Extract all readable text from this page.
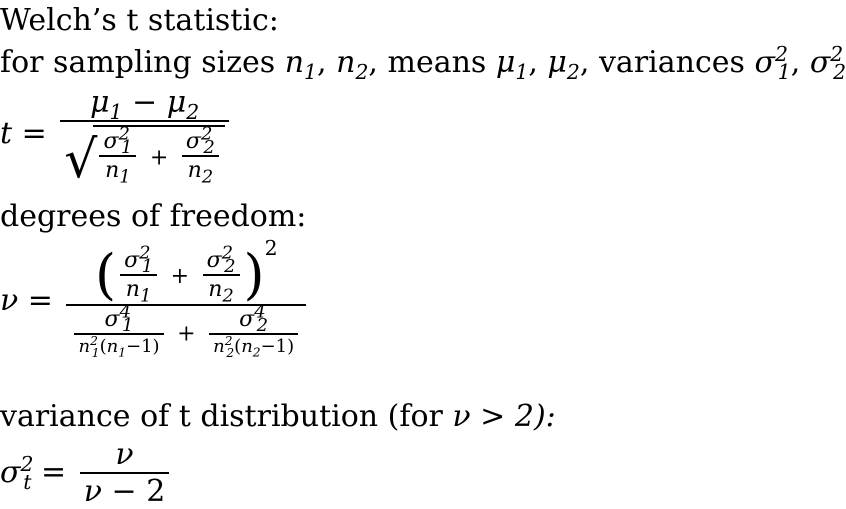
Welch’s t statistic:
for sampling sizes $n_1$, $n_2$, means $\mu_1$, $\mu_2$, variances $\sigma^2_1$, $\sigma^2_2$
t =
$\mu_1 - \mu_2$
√ $\frac{\sigma^2_1}{n_1} + \frac{\sigma^2_2}{n_2}$
degrees of freedom:
ν = ( $\frac{\sigma^2_1}{n_1} + \frac{\sigma^2_2}{n_2} )^2$
$\frac{\sigma^4_1}{n^2_1(n_1-1)} + \frac{\sigma^4_2}{n^2_2(n_2-1)}$
variance of t distribution (for ν > 2):
$\sigma^2_t = \frac{\nu}{\nu - 2}$
